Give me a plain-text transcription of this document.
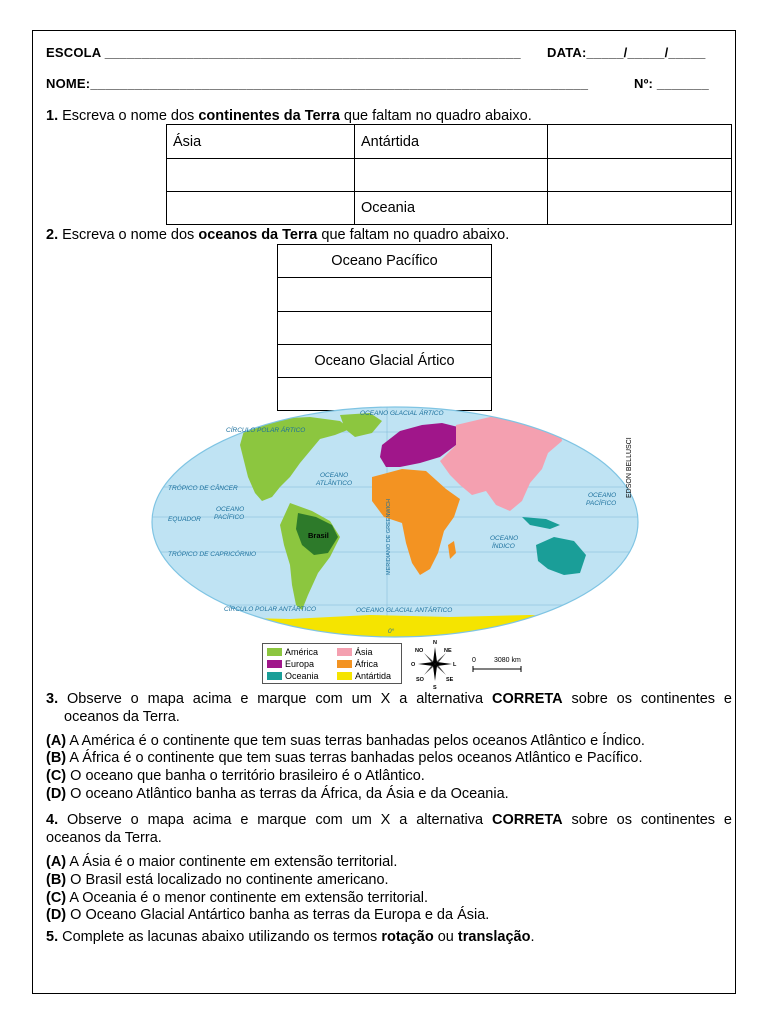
ESCOLA ________________________________________________________ DATA:_____/_____/_____
NOME:___________________________________________________________________	Nº: _______
1. Escreva o nome dos continentes da Terra que faltam no quadro abaixo.
Ásia	Antártida	

	Oceania	
2. Escreva o nome dos oceanos da Terra que faltam no quadro abaixo.
Oceano Pacífico

Oceano Glacial Ártico

OCEANO GLACIAL ÁRTICO
CÍRCULO POLAR ÁRTICO
TRÓPICO DE CÂNCER
EQUADOR
TRÓPICO DE CAPRICÓRNIO
CÍRCULO POLAR ANTÁRTICO	OCEANO GLACIAL ANTÁRTICO
OCEANO
ATLÂNTICO
OCEANO
PACÍFICO
OCEANO
PACÍFICO
OCEANO
ÍNDICO
0°
MERIDIANO DE GREENWICH
Brasil
EDSON BELLUSCI
América	Ásia
Europa	África
Oceania	Antártida
N
NE
NO
L
O
SO	SE
S
0	3080 km
3. Observe o mapa acima e marque com um X a alternativa CORRETA sobre os continentes e
oceanos da Terra.
(A) A América é o continente que tem suas terras banhadas pelos oceanos Atlântico e Índico.
(B) A África é o continente que tem suas terras banhadas pelos oceanos Atlântico e Pacífico.
(C) O oceano que banha o território brasileiro é o Atlântico.
(D) O oceano Atlântico banha as terras da África, da Ásia e da Oceania.
4. Observe o mapa acima e marque com um X a alternativa CORRETA sobre os continentes e
oceanos da Terra.
(A) A Ásia é o maior continente em extensão territorial.
(B) O Brasil está localizado no continente americano.
(C) A Oceania é o menor continente em extensão territorial.
(D) O Oceano Glacial Antártico banha as terras da Europa e da Ásia.
5. Complete as lacunas abaixo utilizando os termos rotação ou translação.
